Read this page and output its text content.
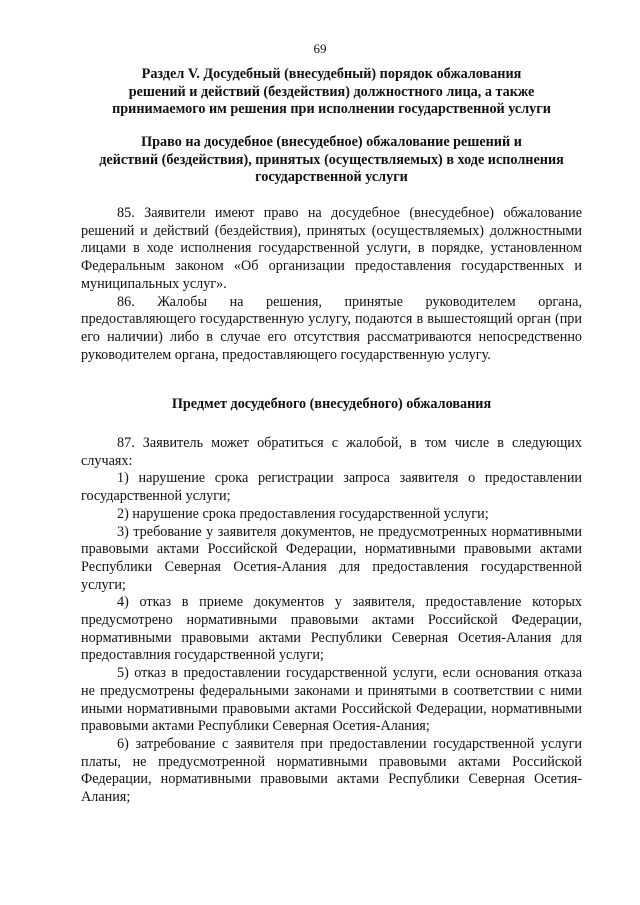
69
Раздел V. Досудебный (внесудебный) порядок обжалования
решений и действий (бездействия) должностного лица, а также
принимаемого им решения при исполнении государственной услуги
Право на досудебное (внесудебное) обжалование решений и
действий (бездействия), принятых (осуществляемых) в ходе исполнения
государственной услуги

85. Заявители имеют право на досудебное (внесудебное) обжалование решений и действий (бездействия), принятых (осуществляемых) должностными лицами в ходе исполнения государственной услуги, в порядке, установленном Федеральным законом «Об организации предоставления государственных и муниципальных услуг».

86. Жалобы на решения, принятые руководителем органа, предоставляющего государственную услугу, подаются в вышестоящий орган (при его наличии) либо в случае его отсутствия рассматриваются непосредственно руководителем органа, предоставляющего государственную услугу.

Предмет досудебного (внесудебного) обжалования

87. Заявитель может обратиться с жалобой, в том числе в следующих случаях:

1) нарушение срока регистрации запроса заявителя о предоставлении государственной услуги;

2) нарушение срока предоставления государственной услуги;

3) требование у заявителя документов, не предусмотренных нормативными правовыми актами Российской Федерации, нормативными правовыми актами Республики Северная Осетия-Алания для предоставления государственной услуги;

4) отказ в приеме документов у заявителя, предоставление которых предусмотрено нормативными правовыми актами Российской Федерации, нормативными правовыми актами Республики Северная Осетия-Алания для предоставлния государственной услуги;

5) отказ в предоставлении государственной услуги, если основания отказа не предусмотрены федеральными законами и принятыми в соответствии с ними иными нормативными правовыми актами Российской Федерации, нормативными правовыми актами Республики Северная Осетия-Алания;

6) затребование с заявителя при предоставлении государственной услуги платы, не предусмотренной нормативными правовыми актами Российской Федерации, нормативными правовыми актами Республики Северная Осетия-Алания;
